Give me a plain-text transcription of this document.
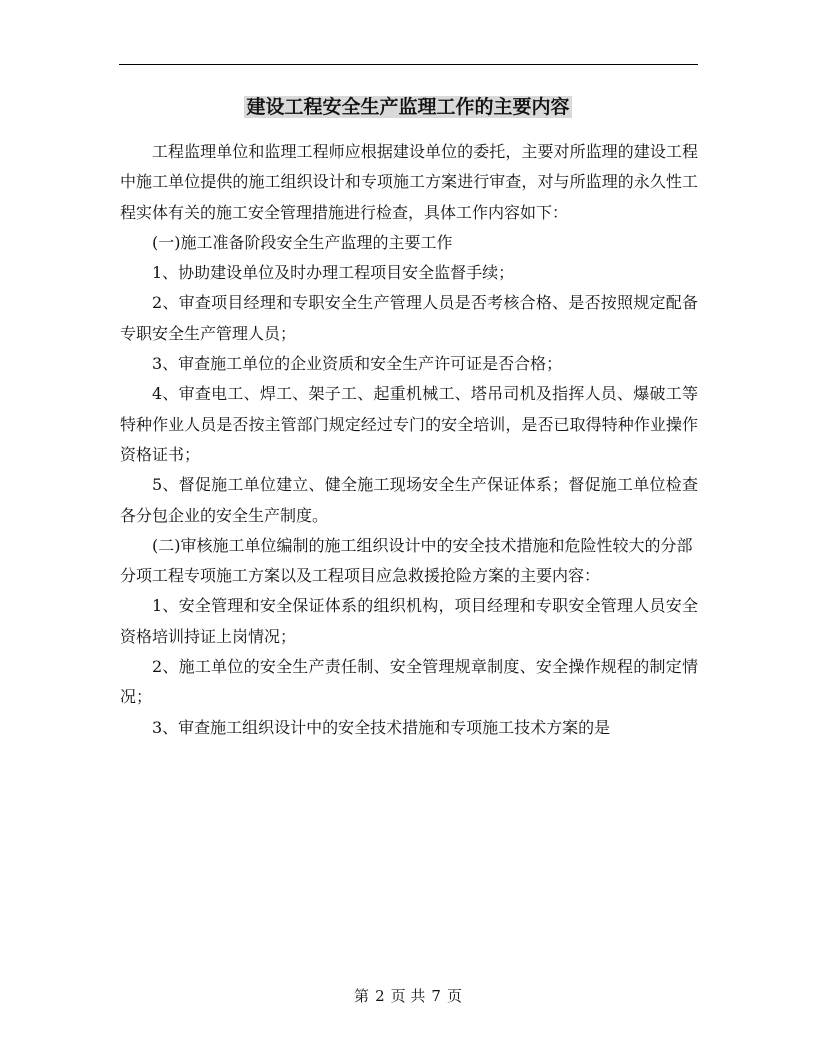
建设工程安全生产监理工作的主要内容

工程监理单位和监理工程师应根据建设单位的委托，主要对所监理的建设工程中施工单位提供的施工组织设计和专项施工方案进行审查，对与所监理的永久性工程实体有关的施工安全管理措施进行检查，具体工作内容如下：

(一)施工准备阶段安全生产监理的主要工作

1、协助建设单位及时办理工程项目安全监督手续；

2、审查项目经理和专职安全生产管理人员是否考核合格、是否按照规定配备专职安全生产管理人员；

3、审查施工单位的企业资质和安全生产许可证是否合格；

4、审查电工、焊工、架子工、起重机械工、塔吊司机及指挥人员、爆破工等特种作业人员是否按主管部门规定经过专门的安全培训，是否已取得特种作业操作资格证书；

5、督促施工单位建立、健全施工现场安全生产保证体系；督促施工单位检查各分包企业的安全生产制度。

(二)审核施工单位编制的施工组织设计中的安全技术措施和危险性较大的分部分项工程专项施工方案以及工程项目应急救援抢险方案的主要内容：

1、安全管理和安全保证体系的组织机构，项目经理和专职安全管理人员安全资格培训持证上岗情况；

2、施工单位的安全生产责任制、安全管理规章制度、安全操作规程的制定情况；

3、审查施工组织设计中的安全技术措施和专项施工技术方案的是

第 2 页 共 7 页
